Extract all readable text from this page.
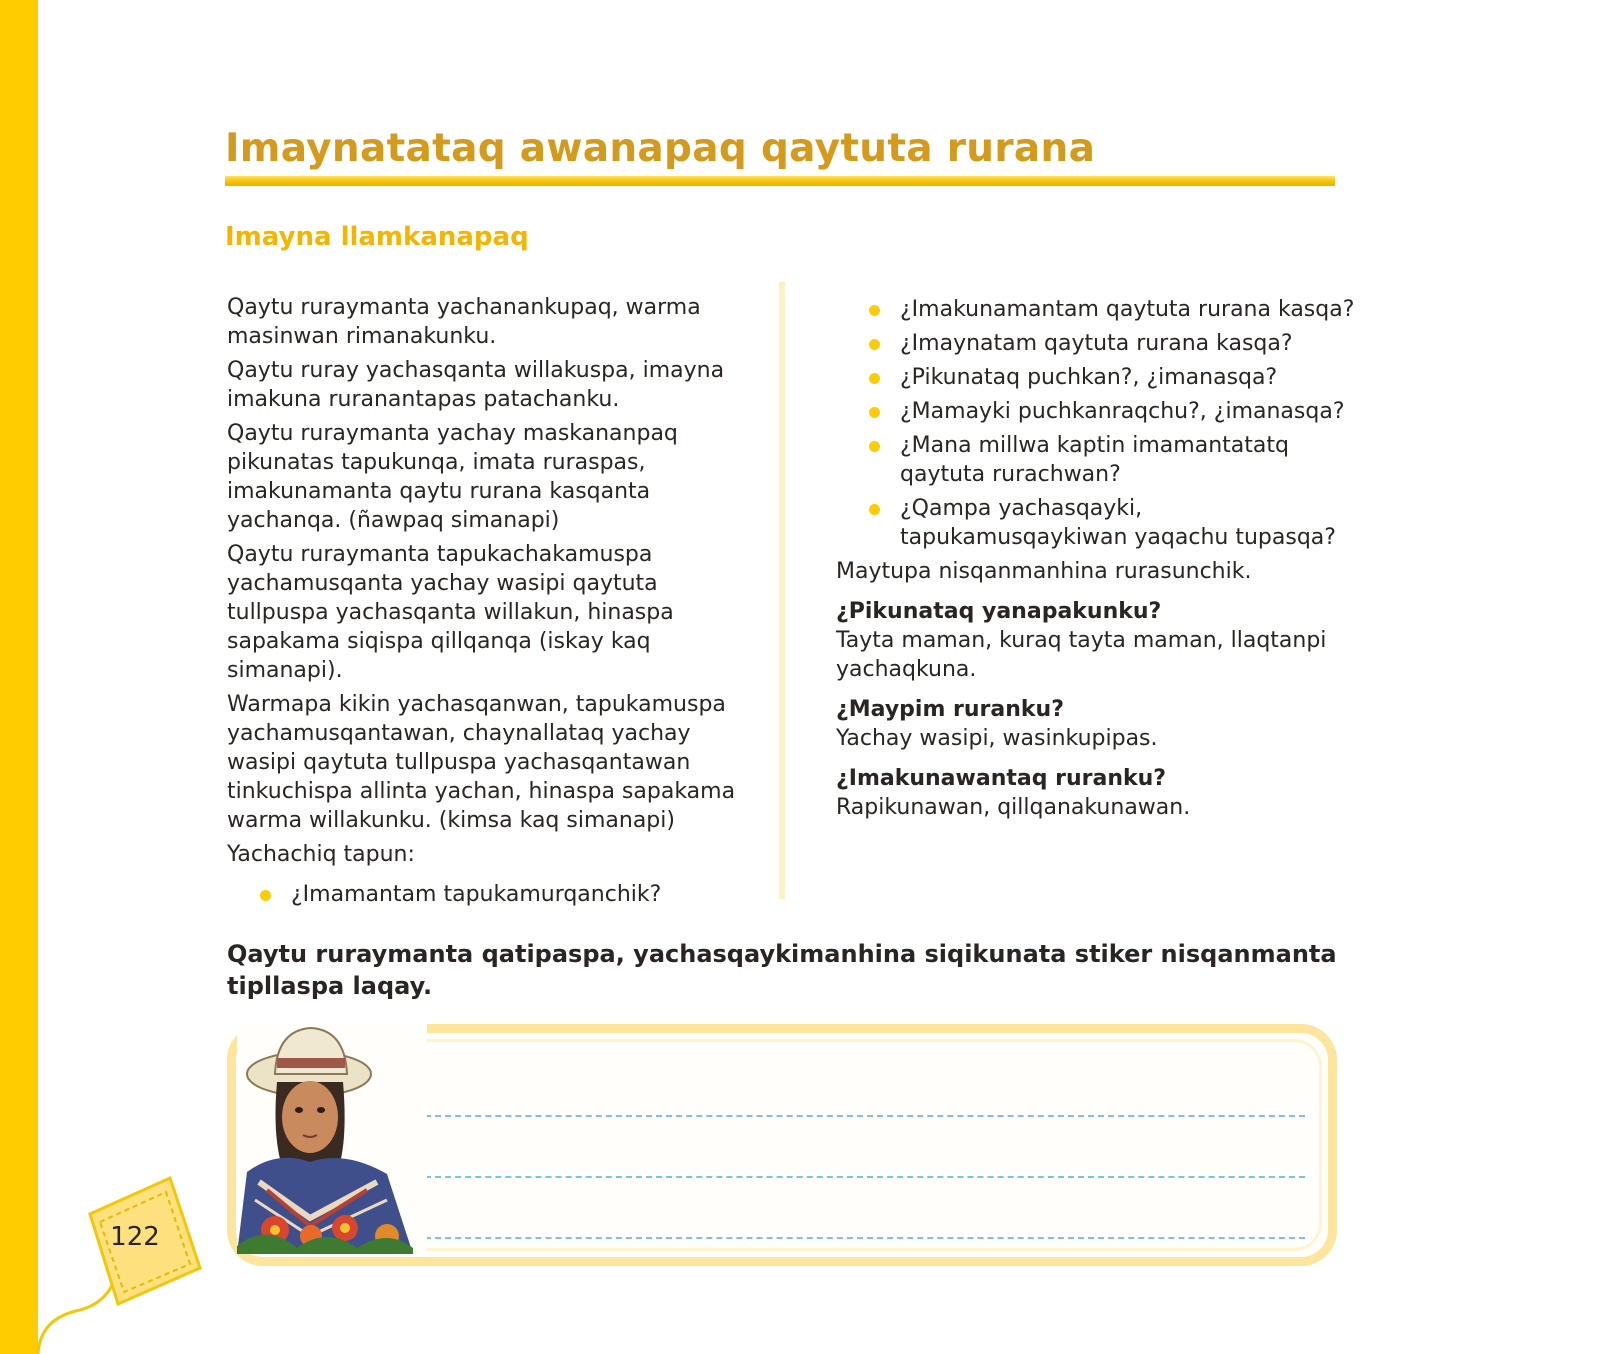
Imaynatataq awanapaq qaytuta rurana
Imayna llamkanapaq

Qaytu ruraymanta yachanankupaq, warma masinwan rimanakunku.

Qaytu ruray yachasqanta willakuspa, imayna imakuna ruranantapas patachanku.

Qaytu ruraymanta yachay maskananpaq pikunatas tapukunqa, imata ruraspas, imakunamanta qaytu rurana kasqanta yachanqa. (ñawpaq simanapi)

Qaytu ruraymanta tapukachakamuspa yachamusqanta yachay wasipi qaytuta tullpuspa yachasqanta willakun, hinaspa sapakama siqispa qillqanqa (iskay kaq simanapi).

Warmapa kikin yachasqanwan, tapukamuspa yachamusqantawan, chaynallataq yachay wasipi qaytuta tullpuspa yachasqantawan tinkuchispa allinta yachan, hinaspa sapakama warma willakunku. (kimsa kaq simanapi)

Yachachiq tapun:

¿Imamantam tapukamurqanchik?
¿Imakunamantam qaytuta rurana kasqa?
¿Imaynatam qaytuta rurana kasqa?
¿Pikunataq puchkan?, ¿imanasqa?
¿Mamayki puchkanraqchu?, ¿imanasqa?
¿Mana millwa kaptin imamantatatq qaytuta rurachwan?
¿Qampa yachasqayki, tapukamusqaykiwan yaqachu tupasqa?

Maytupa nisqanmanhina rurasunchik.

¿Pikunataq yanapakunku?
Tayta maman, kuraq tayta maman, llaqtanpi yachaqkuna.
¿Maypim ruranku?
Yachay wasipi, wasinkupipas.
¿Imakunawantaq ruranku?
Rapikunawan, qillqanakunawan.
Qaytu ruraymanta qatipaspa, yachasqaykimanhina siqikunata stiker nisqanmanta tipllaspa laqay.
122
